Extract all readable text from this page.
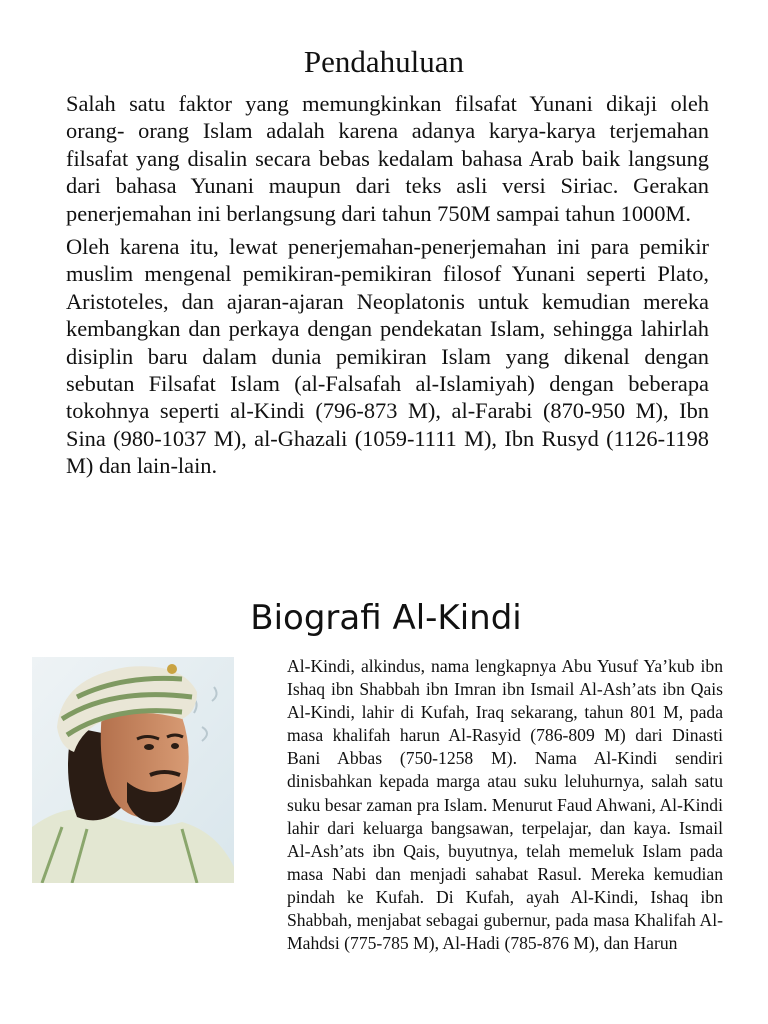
Pendahuluan

Salah satu faktor yang memungkinkan filsafat Yunani dikaji oleh orang- orang Islam adalah karena adanya karya-karya terjemahan filsafat yang disalin secara bebas kedalam bahasa Arab baik langsung dari bahasa Yunani maupun dari teks asli versi Siriac. Gerakan penerjemahan ini berlangsung dari tahun 750M sampai tahun 1000M.

Oleh karena itu, lewat penerjemahan-penerjemahan ini para pemikir muslim mengenal pemikiran-pemikiran filosof Yunani seperti Plato, Aristoteles, dan ajaran-ajaran Neoplatonis untuk kemudian mereka kembangkan dan perkaya dengan pendekatan Islam, sehingga lahirlah disiplin baru dalam dunia pemikiran Islam yang dikenal dengan sebutan Filsafat Islam (al-Falsafah al-Islamiyah) dengan beberapa tokohnya seperti al-Kindi (796-873 M), al-Farabi (870-950 M), Ibn Sina (980-1037 M), al-Ghazali (1059-1111 M), Ibn Rusyd (1126-1198 M) dan lain-lain.

Biografi Al-Kindi

Al-Kindi, alkindus, nama lengkapnya Abu Yusuf Ya’kub ibn Ishaq ibn Shabbah ibn Imran ibn Ismail Al-Ash’ats ibn Qais Al-Kindi, lahir di Kufah, Iraq sekarang, tahun 801 M, pada masa khalifah harun Al-Rasyid (786-809 M) dari Dinasti Bani Abbas (750-1258 M). Nama Al-Kindi sendiri dinisbahkan kepada marga atau suku leluhurnya, salah satu suku besar zaman pra Islam. Menurut Faud Ahwani, Al-Kindi lahir dari keluarga bangsawan, terpelajar, dan kaya. Ismail Al-Ash’ats ibn Qais, buyutnya, telah memeluk Islam pada masa Nabi dan menjadi sahabat Rasul. Mereka kemudian pindah ke Kufah. Di Kufah, ayah Al-Kindi, Ishaq ibn Shabbah, menjabat sebagai gubernur, pada masa Khalifah Al-Mahdsi (775-785 M), Al-Hadi (785-876 M), dan Harun
